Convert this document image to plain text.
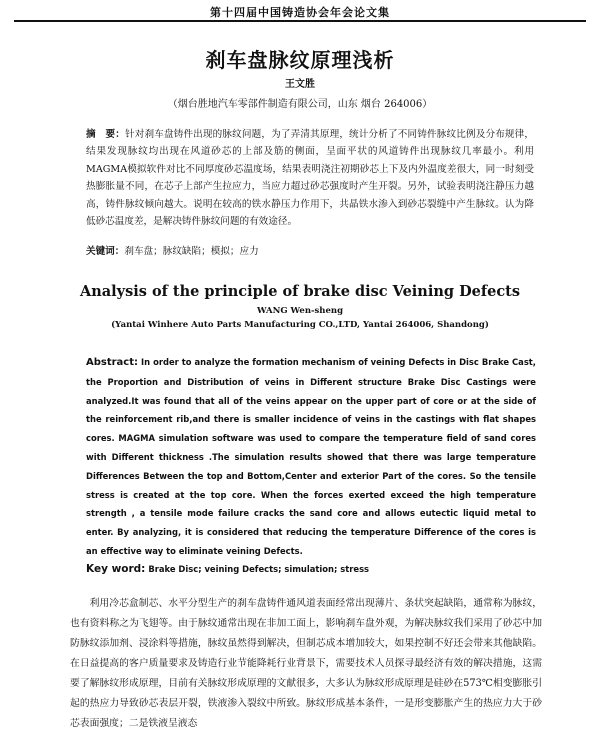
第十四届中国铸造协会年会论文集
刹车盘脉纹原理浅析
王文胜
（烟台胜地汽车零部件制造有限公司，山东 烟台 264006）
摘　要：针对刹车盘铸件出现的脉纹问题，为了弄清其原理，统计分析了不同铸件脉纹比例及分布规律，结果发现脉纹均出现在风道砂芯的上部及筋的侧面，呈面平状的风道铸件出现脉纹几率最小。利用MAGMA模拟软件对比不同厚度砂芯温度场，结果表明浇注初期砂芯上下及内外温度差很大，同一时刻受热膨胀量不同，在芯子上部产生拉应力，当应力超过砂芯强度时产生开裂。另外，试验表明浇注静压力越高，铸件脉纹倾向越大。说明在较高的铁水静压力作用下，共晶铁水渗入到砂芯裂缝中产生脉纹。认为降低砂芯温度差，是解决铸件脉纹问题的有效途径。
关键词：刹车盘；脉纹缺陷；模拟；应力
Analysis of the principle of brake disc Veining Defects
WANG Wen-sheng
(Yantai Winhere Auto Parts Manufacturing CO.,LTD, Yantai 264006, Shandong)
Abstract: In order to analyze the formation mechanism of veining Defects in Disc Brake Cast, the Proportion and Distribution of veins in Different structure Brake Disc Castings were analyzed.It was found that all of the veins appear on the upper part of core or at the side of the reinforcement rib,and there is smaller incidence of veins in the castings with flat shapes cores. MAGMA simulation software was used to compare the temperature field of sand cores with Different thickness .The simulation results showed that there was large temperature Differences Between the top and Bottom,Center and exterior Part of the cores. So the tensile stress is created at the top core. When the forces exerted exceed the high temperature strength , a tensile mode failure cracks the sand core and allows eutectic liquid metal to enter. By analyzing, it is considered that reducing the temperature Difference of the cores is an effective way to eliminate veining Defects.
Key word: Brake Disc; veining Defects; simulation; stress
利用冷芯盒制芯、水平分型生产的刹车盘铸件通风道表面经常出现薄片、条状突起缺陷，通常称为脉纹，也有资料称之为飞翅等。由于脉纹通常出现在非加工面上，影响刹车盘外观，为解决脉纹我们采用了砂芯中加防脉纹添加剂、浸涂料等措施，脉纹虽然得到解决，但制芯成本增加较大，如果控制不好还会带来其他缺陷。在日益提高的客户质量要求及铸造行业节能降耗行业背景下，需要技术人员探寻最经济有效的解决措施，这需要了解脉纹形成原理，目前有关脉纹形成原理的文献很多，大多认为脉纹形成原理是硅砂在573℃相变膨胀引起的热应力导致砂芯表层开裂，铁液渗入裂纹中所致。脉纹形成基本条件，一是形变膨胀产生的热应力大于砂芯表面强度；二是铁液呈液态
